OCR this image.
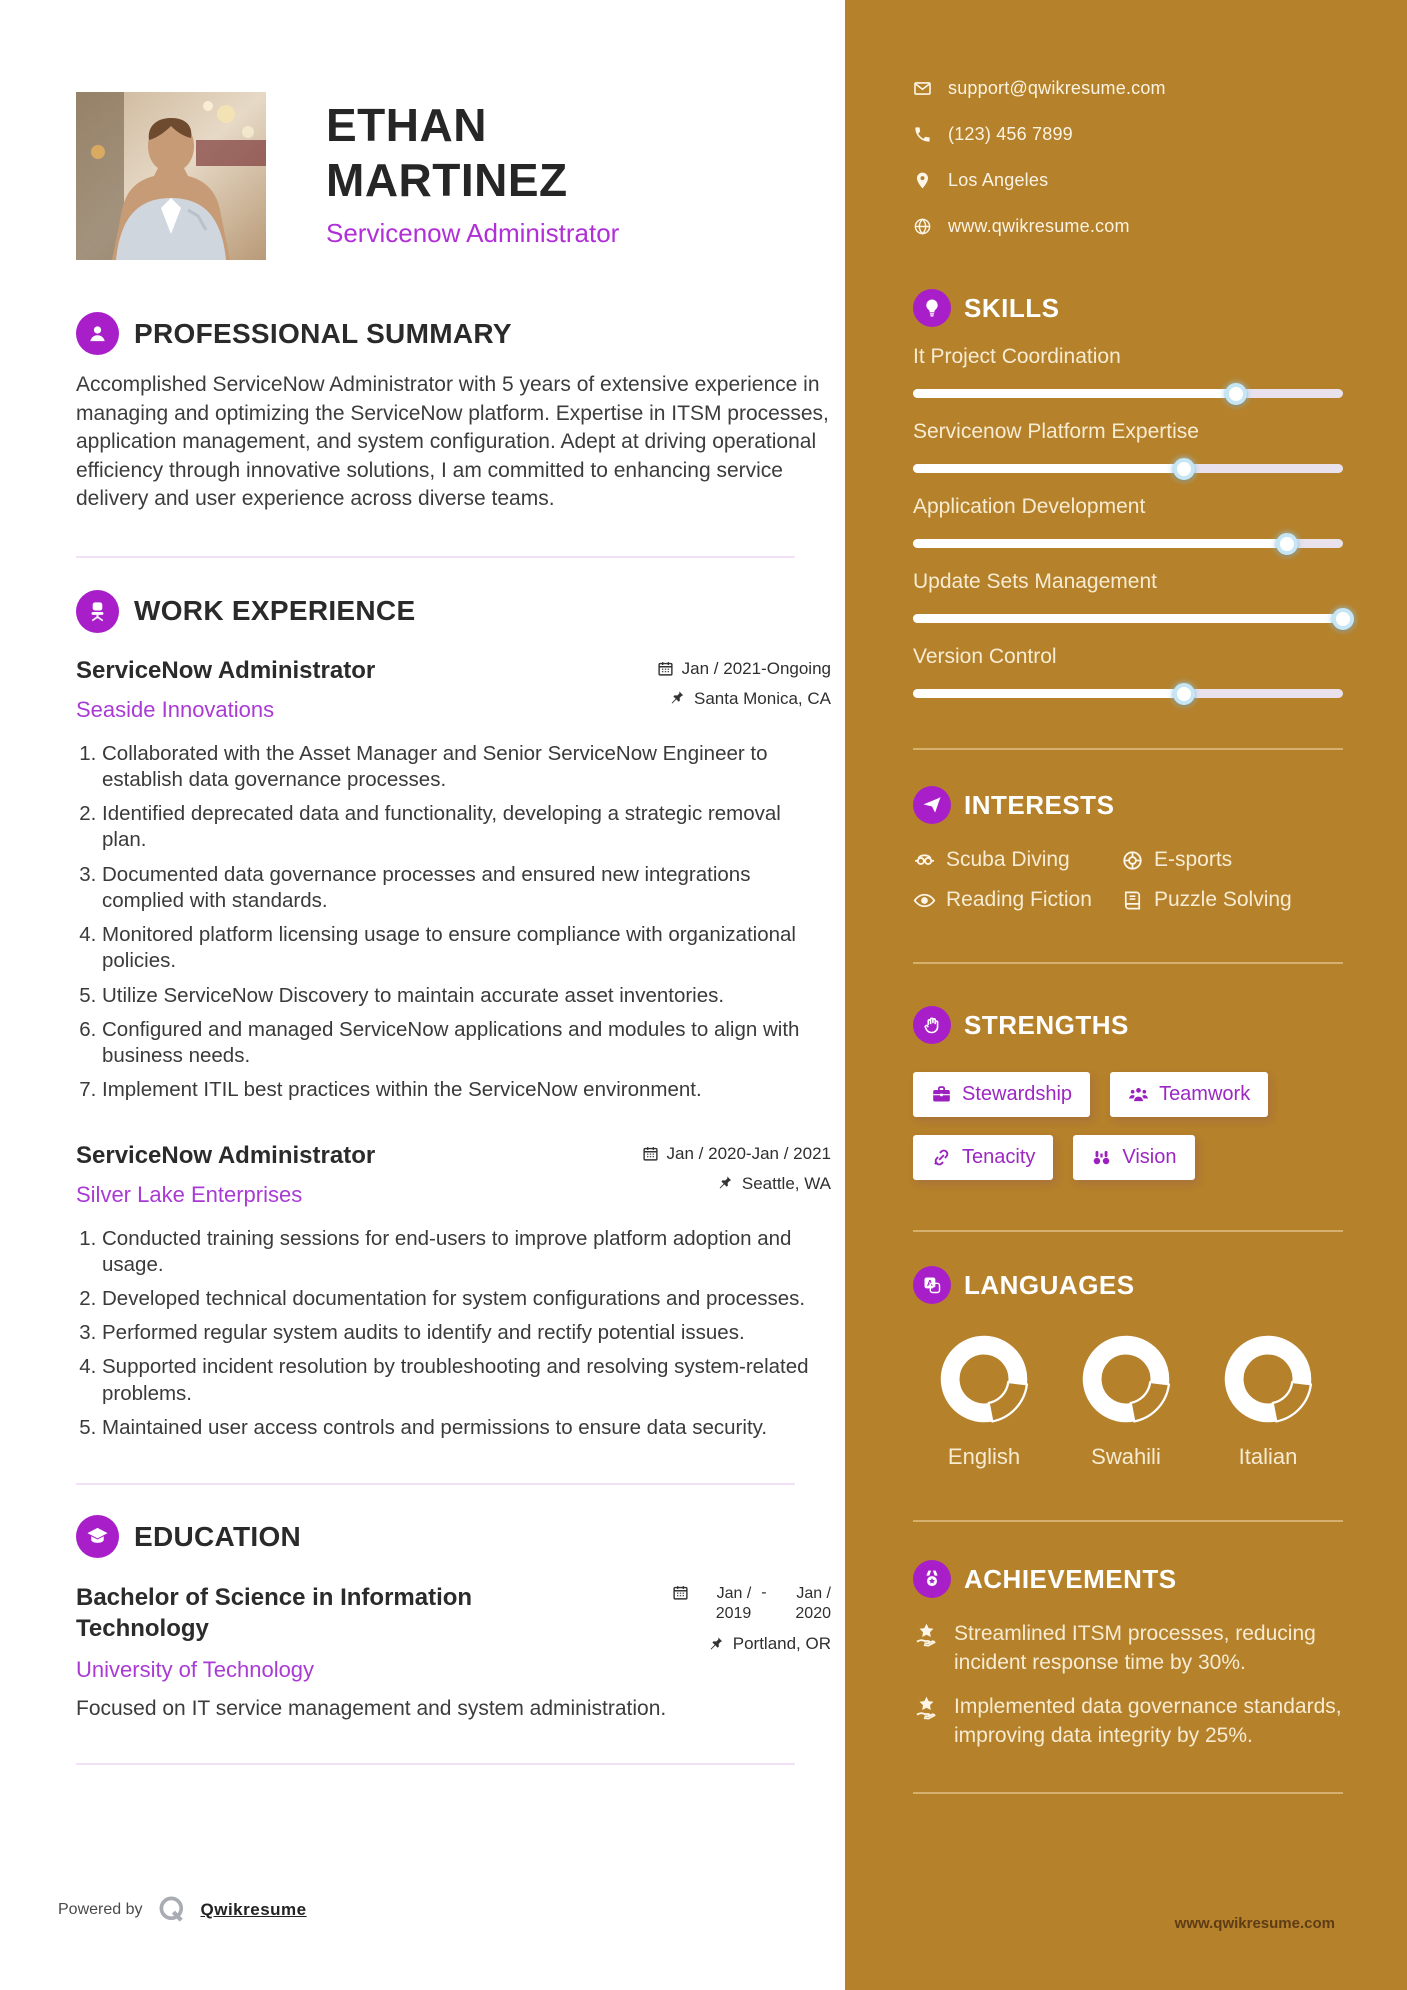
support@qwikresume.com
(123) 456 7899
Los Angeles
www.qwikresume.com
SKILLS
It Project Coordination
Servicenow Platform Expertise
Application Development
Update Sets Management
Version Control
INTERESTS
Scuba Diving	E-sports
Reading Fiction	Puzzle Solving
STRENGTHS
Stewardship	Teamwork
Tenacity	Vision
A LANGUAGES
English	Swahili	Italian
ACHIEVEMENTS

Streamlined ITSM processes, reducing incident response time by 30%.

Implemented data governance standards, improving data integrity by 25%.

www.qwikresume.com
ETHAN MARTINEZ
Servicenow Administrator
PROFESSIONAL SUMMARY

Accomplished ServiceNow Administrator with 5 years of extensive experience in managing and optimizing the ServiceNow platform. Expertise in ITSM processes, application management, and system configuration. Adept at driving operational efficiency through innovative solutions, I am committed to enhancing service delivery and user experience across diverse teams.

WORK EXPERIENCE
ServiceNow Administrator
Seaside Innovations
Jan / 2021-Ongoing
Santa Monica, CA
1. Collaborated with the Asset Manager and Senior ServiceNow Engineer to establish data governance processes.
2. Identified deprecated data and functionality, developing a strategic removal plan.
3. Documented data governance processes and ensured new integrations complied with standards.
4. Monitored platform licensing usage to ensure compliance with organizational policies.
5. Utilize ServiceNow Discovery to maintain accurate asset inventories.
6. Configured and managed ServiceNow applications and modules to align with business needs.
7. Implement ITIL best practices within the ServiceNow environment.
ServiceNow Administrator
Silver Lake Enterprises
Jan / 2020-Jan / 2021
Seattle, WA
1. Conducted training sessions for end-users to improve platform adoption and usage.
2. Developed technical documentation for system configurations and processes.
3. Performed regular system audits to identify and rectify potential issues.
4. Supported incident resolution by troubleshooting and resolving system-related problems.
5. Maintained user access controls and permissions to ensure data security.
EDUCATION
Bachelor of Science in Information Technology
University of Technology
Jan / 2019
-	Jan / 2020
Portland, OR

Focused on IT service management and system administration.

Powered by	Qwikresume
